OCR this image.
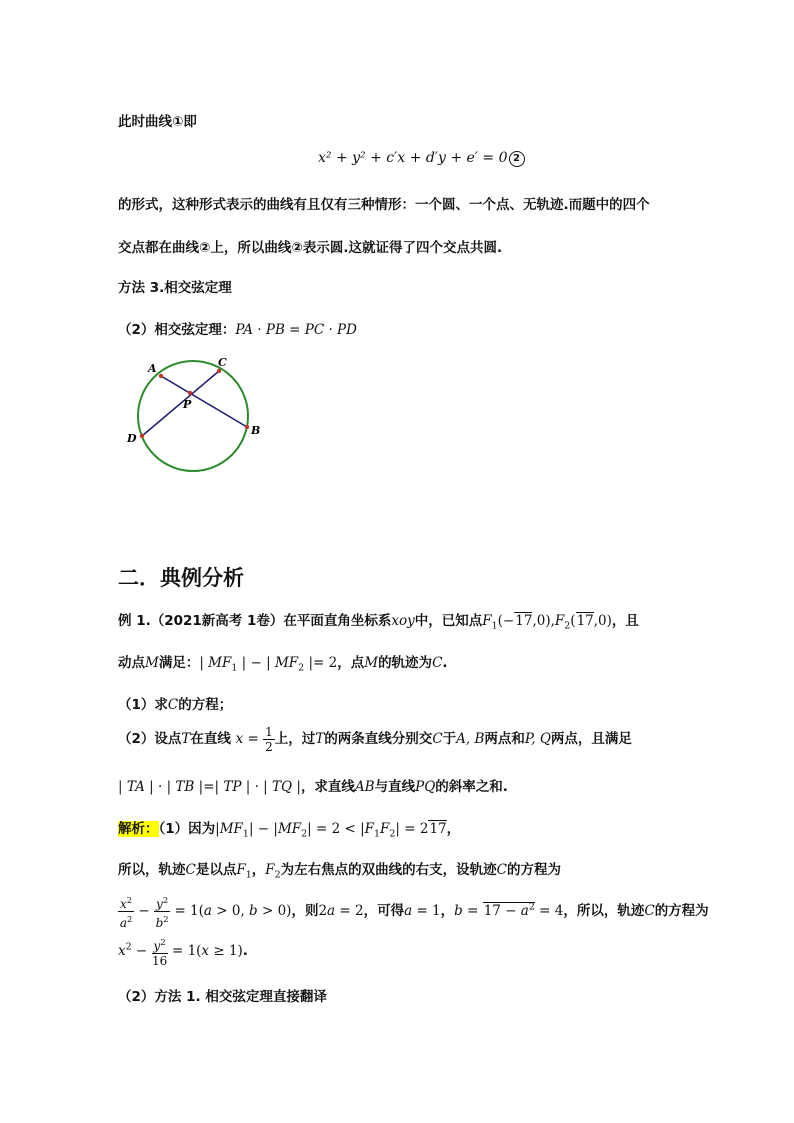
此时曲线①即
x² + y² + c′x + d′y + e′ = 0 2
的形式，这种形式表示的曲线有且仅有三种情形：一个圆、一个点、无轨迹.而题中的四个
交点都在曲线②上，所以曲线②表示圆.这就证得了四个交点共圆.
方法 3.相交弦定理
（2）相交弦定理：PA · PB = PC · PD
A	C
P
D
B
二．典例分析
例 1.（2021新高考 1卷）在平面直角坐标系xoy中，已知点$F_1(-17,0),F_2(17,0)$，且
动点M满足：| $MF_1$ | − | $MF_2$ |= 2，点M的轨迹为C.
（1）求C的方程；
（2）设点T在直线 $x = \frac{1}{2}$ 上，过T的两条直线分别交C于A, B两点和P, Q两点，且满足
| TA | · | TB |=| TP | · | TQ |，求直线AB与直线PQ的斜率之和.
解析：（1）因为$|MF_1| - |MF_2| = 2 < |F_1F_2| = 217$，
所以，轨迹C是以点$F_1$，$F_2$为左右焦点的双曲线的右支，设轨迹C的方程为
$\frac{x^2}{a^2} - \frac{y^2}{b^2} = 1(a > 0$, b > 0)，则2a = 2，可得a = 1，$b = 17 - a^2 = 4$，所以，轨迹C的方程为
$x^2 - \frac{y^2}{16} = 1(x \ge 1)$.
（2）方法 1. 相交弦定理直接翻译
